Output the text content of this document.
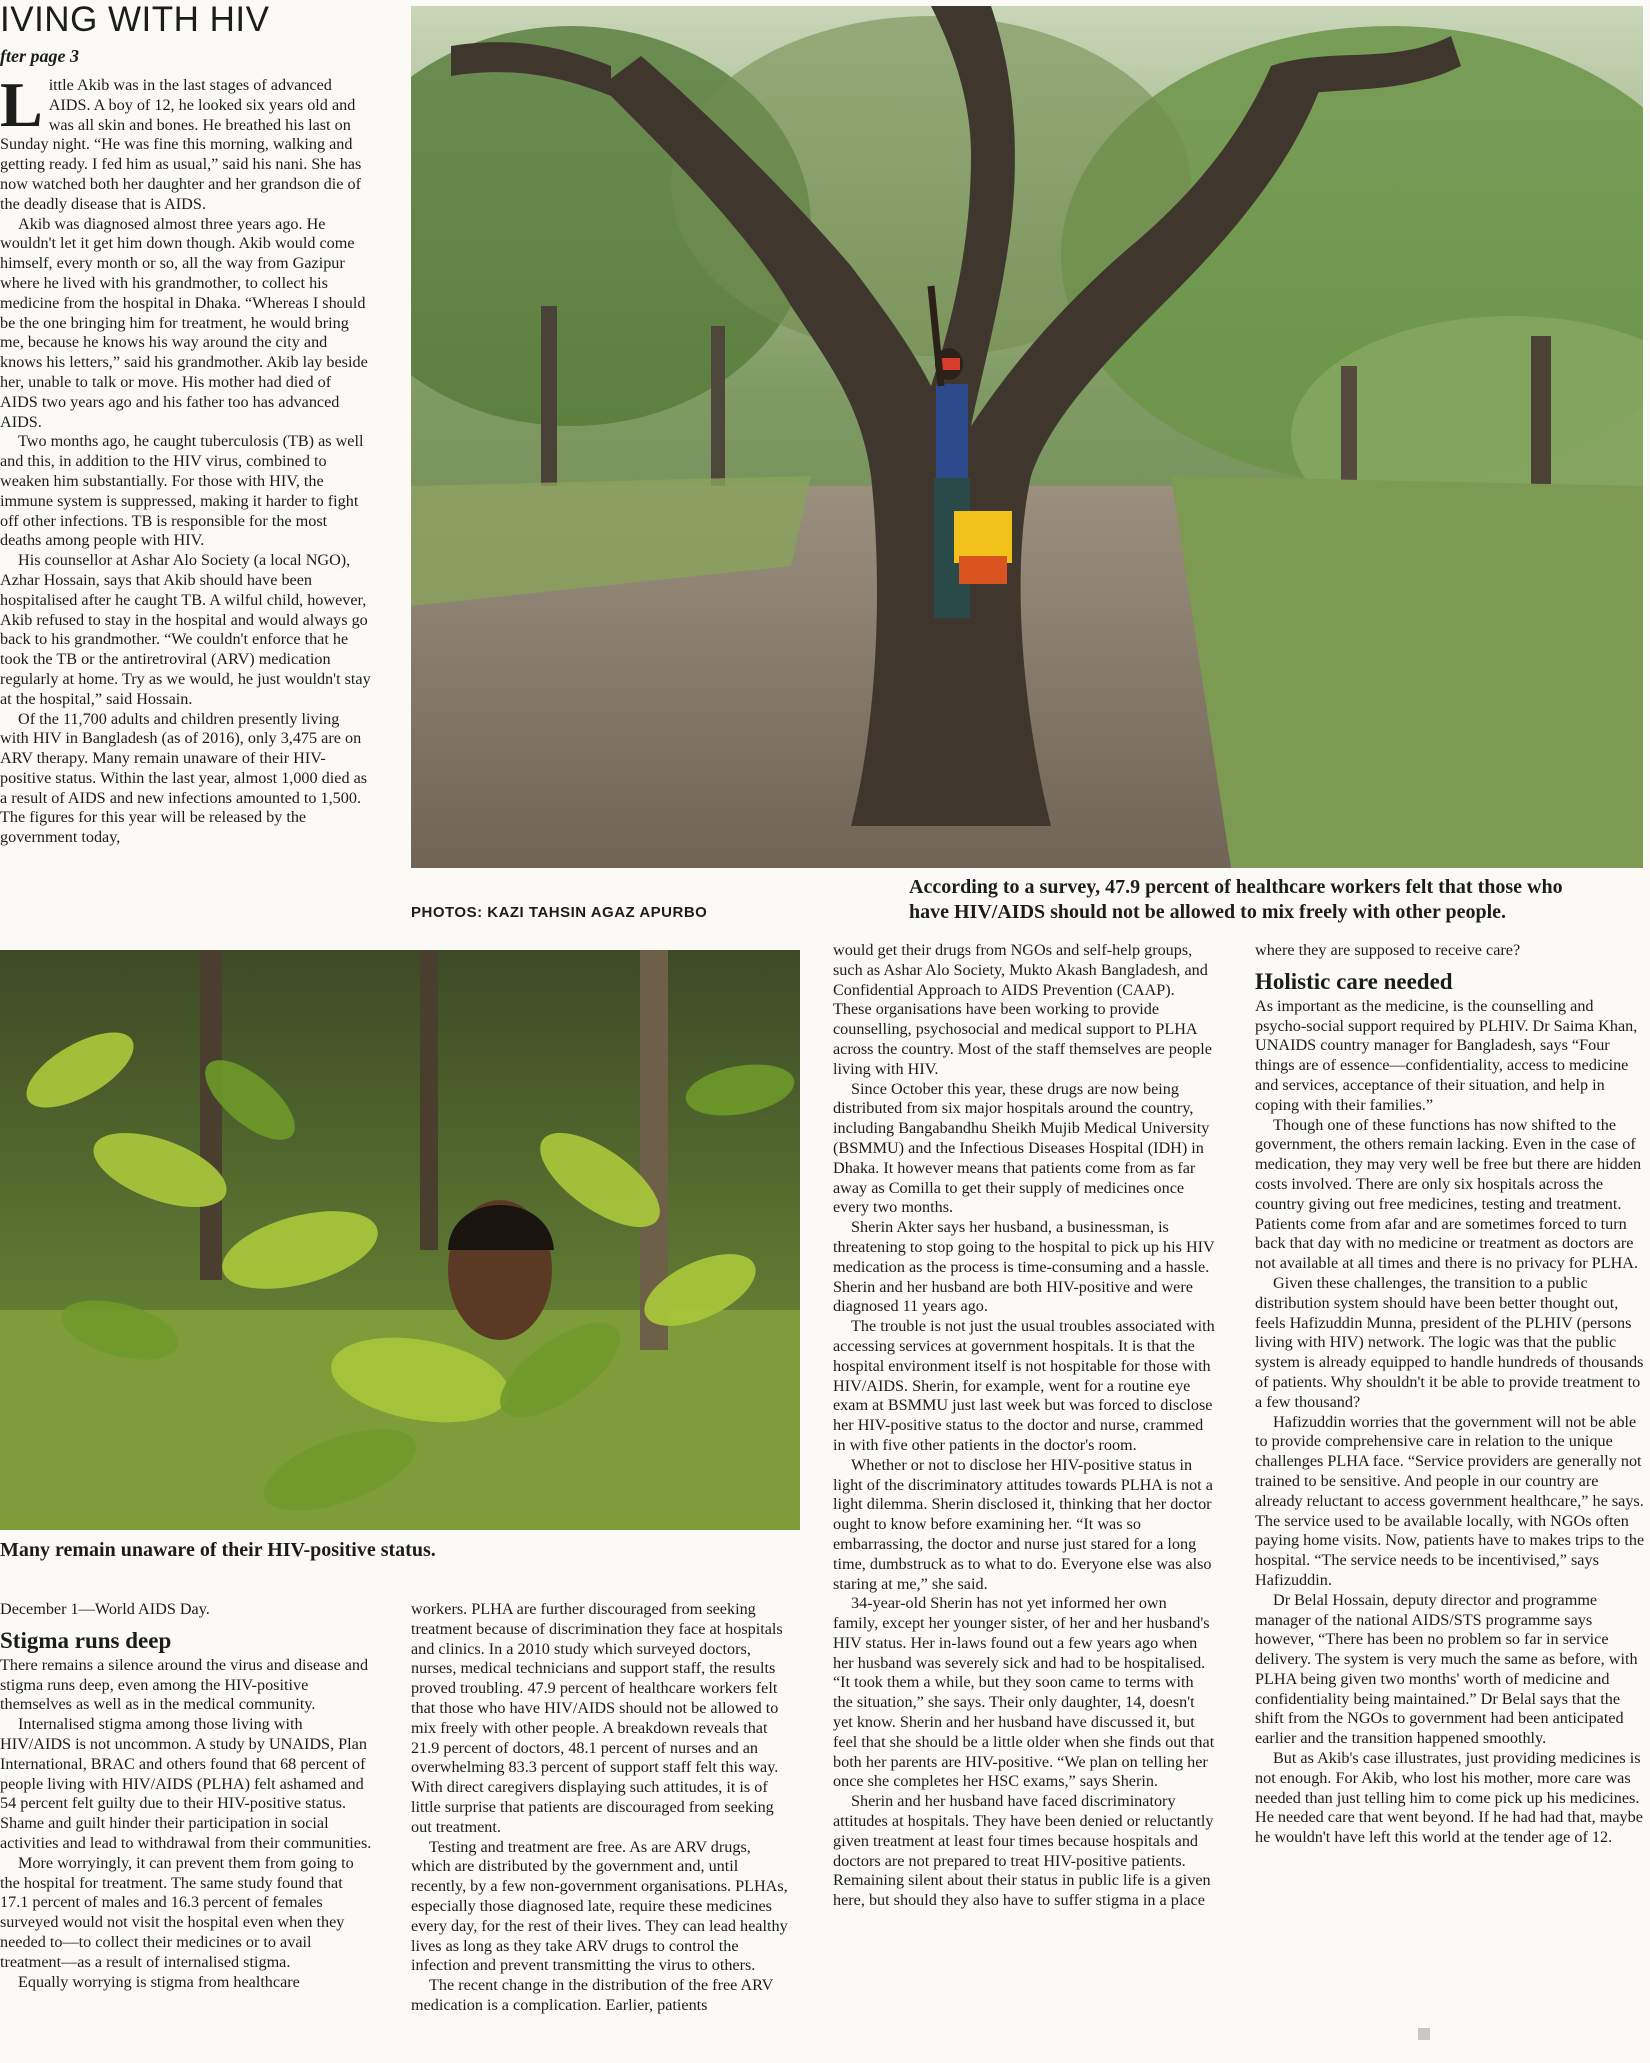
IVING WITH HIV
fter page 3
L ittle Akib was in the last stages of advanced AIDS. A boy of 12, he looked six years old and was all skin and bones. He breathed his last on Sunday night. “He was fine this morning, walking and getting ready. I fed him as usual,” said his nani. She has now watched both her daughter and her grandson die of the deadly disease that is AIDS.

Akib was diagnosed almost three years ago. He wouldn't let it get him down though. Akib would come himself, every month or so, all the way from Gazipur where he lived with his grandmother, to collect his medicine from the hospital in Dhaka. “Whereas I should be the one bringing him for treatment, he would bring me, because he knows his way around the city and knows his letters,” said his grandmother. Akib lay beside her, unable to talk or move. His mother had died of AIDS two years ago and his father too has advanced AIDS.

Two months ago, he caught tuberculosis (TB) as well and this, in addition to the HIV virus, combined to weaken him substantially. For those with HIV, the immune system is suppressed, making it harder to fight off other infections. TB is responsible for the most deaths among people with HIV.

His counsellor at Ashar Alo Society (a local NGO), Azhar Hossain, says that Akib should have been hospitalised after he caught TB. A wilful child, however, Akib refused to stay in the hospital and would always go back to his grandmother. “We couldn't enforce that he took the TB or the antiretroviral (ARV) medication regularly at home. Try as we would, he just wouldn't stay at the hospital,” said Hossain.

Of the 11,700 adults and children presently living with HIV in Bangladesh (as of 2016), only 3,475 are on ARV therapy. Many remain unaware of their HIV-positive status. Within the last year, almost 1,000 died as a result of AIDS and new infections amounted to 1,500. The figures for this year will be released by the government today,

PHOTOS: KAZI TAHSIN AGAZ APURBO
According to a survey, 47.9 percent of healthcare workers felt that those who
have HIV/AIDS should not be allowed to mix freely with other people.
Many remain unaware of their HIV-positive status.

December 1—World AIDS Day.

Stigma runs deep

There remains a silence around the virus and disease and stigma runs deep, even among the HIV-positive themselves as well as in the medical community.

Internalised stigma among those living with HIV/AIDS is not uncommon. A study by UNAIDS, Plan International, BRAC and others found that 68 percent of people living with HIV/AIDS (PLHA) felt ashamed and 54 percent felt guilty due to their HIV-positive status. Shame and guilt hinder their participation in social activities and lead to withdrawal from their communities.

More worryingly, it can prevent them from going to the hospital for treatment. The same study found that 17.1 percent of males and 16.3 percent of females surveyed would not visit the hospital even when they needed to—to collect their medicines or to avail treatment—as a result of internalised stigma.

Equally worrying is stigma from healthcare

workers. PLHA are further discouraged from seeking treatment because of discrimination they face at hospitals and clinics. In a 2010 study which surveyed doctors, nurses, medical technicians and support staff, the results proved troubling. 47.9 percent of healthcare workers felt that those who have HIV/AIDS should not be allowed to mix freely with other people. A breakdown reveals that 21.9 percent of doctors, 48.1 percent of nurses and an overwhelming 83.3 percent of support staff felt this way. With direct caregivers displaying such attitudes, it is of little surprise that patients are discouraged from seeking out treatment.

Testing and treatment are free. As are ARV drugs, which are distributed by the government and, until recently, by a few non-government organisations. PLHAs, especially those diagnosed late, require these medicines every day, for the rest of their lives. They can lead healthy lives as long as they take ARV drugs to control the infection and prevent transmitting the virus to others.

The recent change in the distribution of the free ARV medication is a complication. Earlier, patients

would get their drugs from NGOs and self-help groups, such as Ashar Alo Society, Mukto Akash Bangladesh, and Confidential Approach to AIDS Prevention (CAAP). These organisations have been working to provide counselling, psychosocial and medical support to PLHA across the country. Most of the staff themselves are people living with HIV.

Since October this year, these drugs are now being distributed from six major hospitals around the country, including Bangabandhu Sheikh Mujib Medical University (BSMMU) and the Infectious Diseases Hospital (IDH) in Dhaka. It however means that patients come from as far away as Comilla to get their supply of medicines once every two months.

Sherin Akter says her husband, a businessman, is threatening to stop going to the hospital to pick up his HIV medication as the process is time-consuming and a hassle. Sherin and her husband are both HIV-positive and were diagnosed 11 years ago.

The trouble is not just the usual troubles associated with accessing services at government hospitals. It is that the hospital environment itself is not hospitable for those with HIV/AIDS. Sherin, for example, went for a routine eye exam at BSMMU just last week but was forced to disclose her HIV-positive status to the doctor and nurse, crammed in with five other patients in the doctor's room.

Whether or not to disclose her HIV-positive status in light of the discriminatory attitudes towards PLHA is not a light dilemma. Sherin disclosed it, thinking that her doctor ought to know before examining her. “It was so embarrassing, the doctor and nurse just stared for a long time, dumbstruck as to what to do. Everyone else was also staring at me,” she said.

34-year-old Sherin has not yet informed her own family, except her younger sister, of her and her husband's HIV status. Her in-laws found out a few years ago when her husband was severely sick and had to be hospitalised. “It took them a while, but they soon came to terms with the situation,” she says. Their only daughter, 14, doesn't yet know. Sherin and her husband have discussed it, but feel that she should be a little older when she finds out that both her parents are HIV-positive. “We plan on telling her once she completes her HSC exams,” says Sherin.

Sherin and her husband have faced discriminatory attitudes at hospitals. They have been denied or reluctantly given treatment at least four times because hospitals and doctors are not prepared to treat HIV-positive patients. Remaining silent about their status in public life is a given here, but should they also have to suffer stigma in a place

where they are supposed to receive care?

Holistic care needed

As important as the medicine, is the counselling and psycho-social support required by PLHIV. Dr Saima Khan, UNAIDS country manager for Bangladesh, says “Four things are of essence—confidentiality, access to medicine and services, acceptance of their situation, and help in coping with their families.”

Though one of these functions has now shifted to the government, the others remain lacking. Even in the case of medication, they may very well be free but there are hidden costs involved. There are only six hospitals across the country giving out free medicines, testing and treatment. Patients come from afar and are sometimes forced to turn back that day with no medicine or treatment as doctors are not available at all times and there is no privacy for PLHA.

Given these challenges, the transition to a public distribution system should have been better thought out, feels Hafizuddin Munna, president of the PLHIV (persons living with HIV) network. The logic was that the public system is already equipped to handle hundreds of thousands of patients. Why shouldn't it be able to provide treatment to a few thousand?

Hafizuddin worries that the government will not be able to provide comprehensive care in relation to the unique challenges PLHA face. “Service providers are generally not trained to be sensitive. And people in our country are already reluctant to access government healthcare,” he says. The service used to be available locally, with NGOs often paying home visits. Now, patients have to makes trips to the hospital. “The service needs to be incentivised,” says Hafizuddin.

Dr Belal Hossain, deputy director and programme manager of the national AIDS/STS programme says however, “There has been no problem so far in service delivery. The system is very much the same as before, with PLHA being given two months' worth of medicine and confidentiality being maintained.” Dr Belal says that the shift from the NGOs to government had been anticipated earlier and the transition happened smoothly.

But as Akib's case illustrates, just providing medicines is not enough. For Akib, who lost his mother, more care was needed than just telling him to come pick up his medicines. He needed care that went beyond. If he had had that, maybe he wouldn't have left this world at the tender age of 12.
